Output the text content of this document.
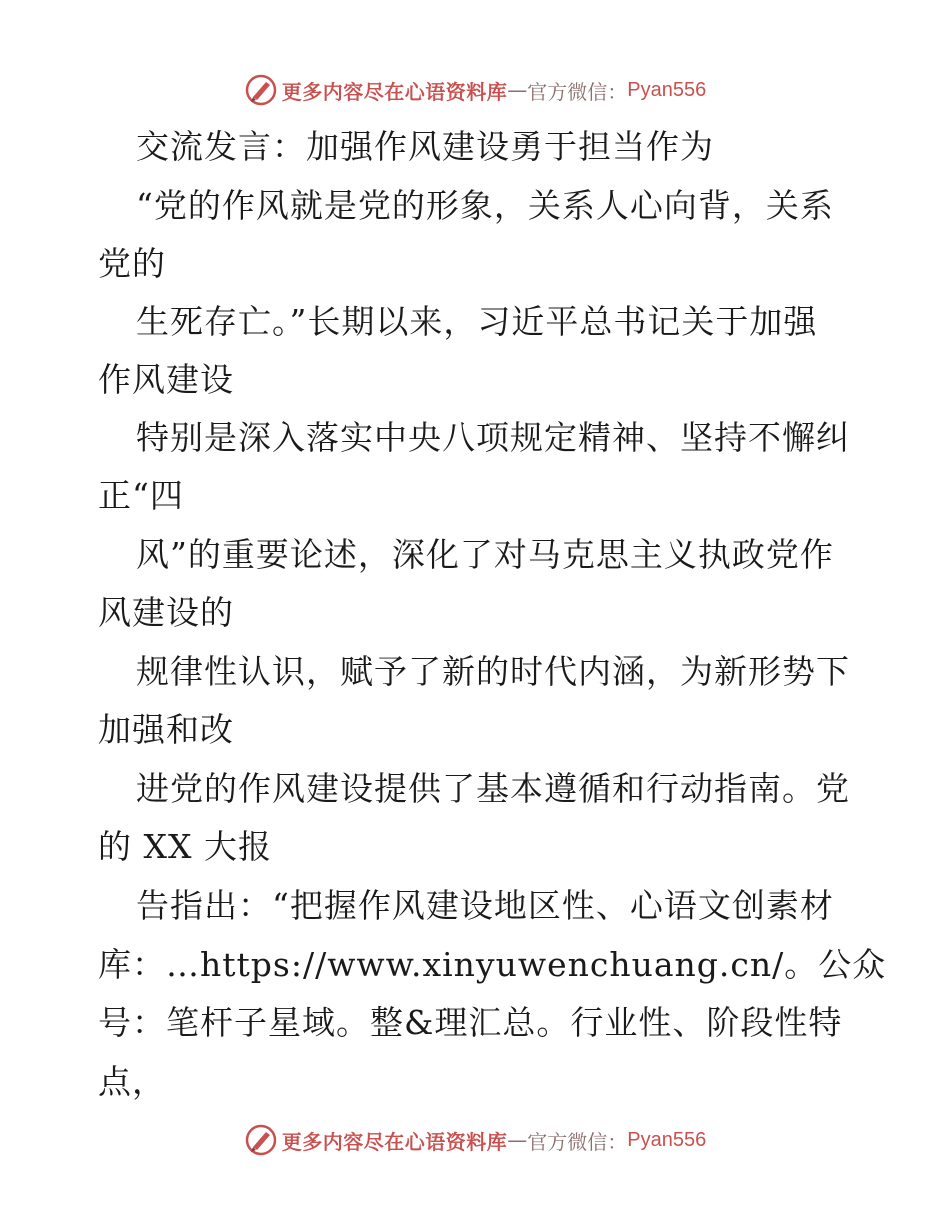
更多内容尽在心语资料库 — 官方微信： Pyan556
交流发言：加强作风建设勇于担当作为
“党的作风就是党的形象，关系人心向背，关系
党的
生死存亡。”长期以来，习近平总书记关于加强
作风建设
特别是深入落实中央八项规定精神、坚持不懈纠
正“四
风”的重要论述，深化了对马克思主义执政党作
风建设的
规律性认识，赋予了新的时代内涵，为新形势下
加强和改
进党的作风建设提供了基本遵循和行动指南。党
的 XX 大报
告指出：“把握作风建设地区性、心语文创素材
库：…https://www.xinyuwenchuang.cn/。公众
号：笔杆子星域。整&理汇总。行业性、阶段性特
点，
更多内容尽在心语资料库 — 官方微信： Pyan556
